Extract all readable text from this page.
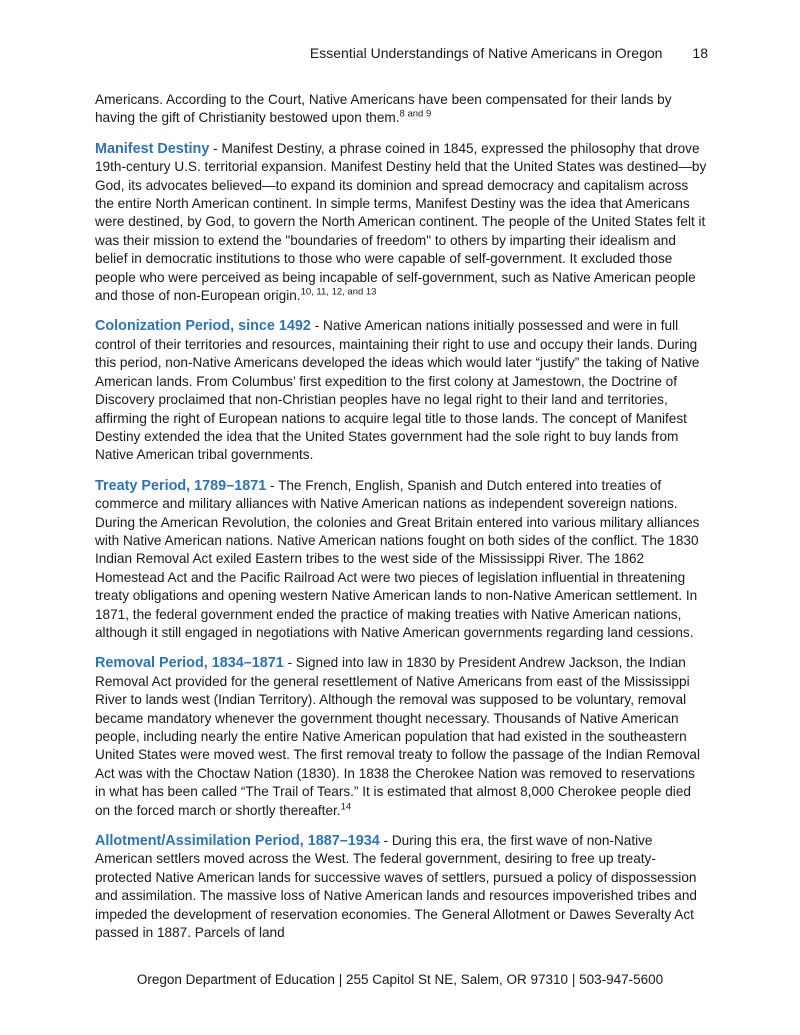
Essential Understandings of Native Americans in Oregon 18

Americans. According to the Court, Native Americans have been compensated for their lands by having the gift of Christianity bestowed upon them.$^{8 and 9}$

Manifest Destiny - Manifest Destiny, a phrase coined in 1845, expressed the philosophy that drove 19th-century U.S. territorial expansion. Manifest Destiny held that the United States was destined—by God, its advocates believed—to expand its dominion and spread democracy and capitalism across the entire North American continent. In simple terms, Manifest Destiny was the idea that Americans were destined, by God, to govern the North American continent. The people of the United States felt it was their mission to extend the "boundaries of freedom" to others by imparting their idealism and belief in democratic institutions to those who were capable of self-government. It excluded those people who were perceived as being incapable of self-government, such as Native American people and those of non-European origin.$^{10, 11, 12, and 13}$

Colonization Period, since 1492 - Native American nations initially possessed and were in full control of their territories and resources, maintaining their right to use and occupy their lands. During this period, non-Native Americans developed the ideas which would later “justify” the taking of Native American lands. From Columbus’ first expedition to the first colony at Jamestown, the Doctrine of Discovery proclaimed that non-Christian peoples have no legal right to their land and territories, affirming the right of European nations to acquire legal title to those lands. The concept of Manifest Destiny extended the idea that the United States government had the sole right to buy lands from Native American tribal governments.

Treaty Period, 1789–1871 - The French, English, Spanish and Dutch entered into treaties of commerce and military alliances with Native American nations as independent sovereign nations. During the American Revolution, the colonies and Great Britain entered into various military alliances with Native American nations. Native American nations fought on both sides of the conflict. The 1830 Indian Removal Act exiled Eastern tribes to the west side of the Mississippi River. The 1862 Homestead Act and the Pacific Railroad Act were two pieces of legislation influential in threatening treaty obligations and opening western Native American lands to non-Native American settlement. In 1871, the federal government ended the practice of making treaties with Native American nations, although it still engaged in negotiations with Native American governments regarding land cessions.

Removal Period, 1834–1871 - Signed into law in 1830 by President Andrew Jackson, the Indian Removal Act provided for the general resettlement of Native Americans from east of the Mississippi River to lands west (Indian Territory). Although the removal was supposed to be voluntary, removal became mandatory whenever the government thought necessary. Thousands of Native American people, including nearly the entire Native American population that had existed in the southeastern United States were moved west. The first removal treaty to follow the passage of the Indian Removal Act was with the Choctaw Nation (1830). In 1838 the Cherokee Nation was removed to reservations in what has been called “The Trail of Tears.” It is estimated that almost 8,000 Cherokee people died on the forced march or shortly thereafter.$^{14}$

Allotment/Assimilation Period, 1887–1934 - During this era, the first wave of non-Native American settlers moved across the West. The federal government, desiring to free up treaty-protected Native American lands for successive waves of settlers, pursued a policy of dispossession and assimilation. The massive loss of Native American lands and resources impoverished tribes and impeded the development of reservation economies. The General Allotment or Dawes Severalty Act passed in 1887. Parcels of land

Oregon Department of Education | 255 Capitol St NE, Salem, OR 97310 | 503-947-5600
